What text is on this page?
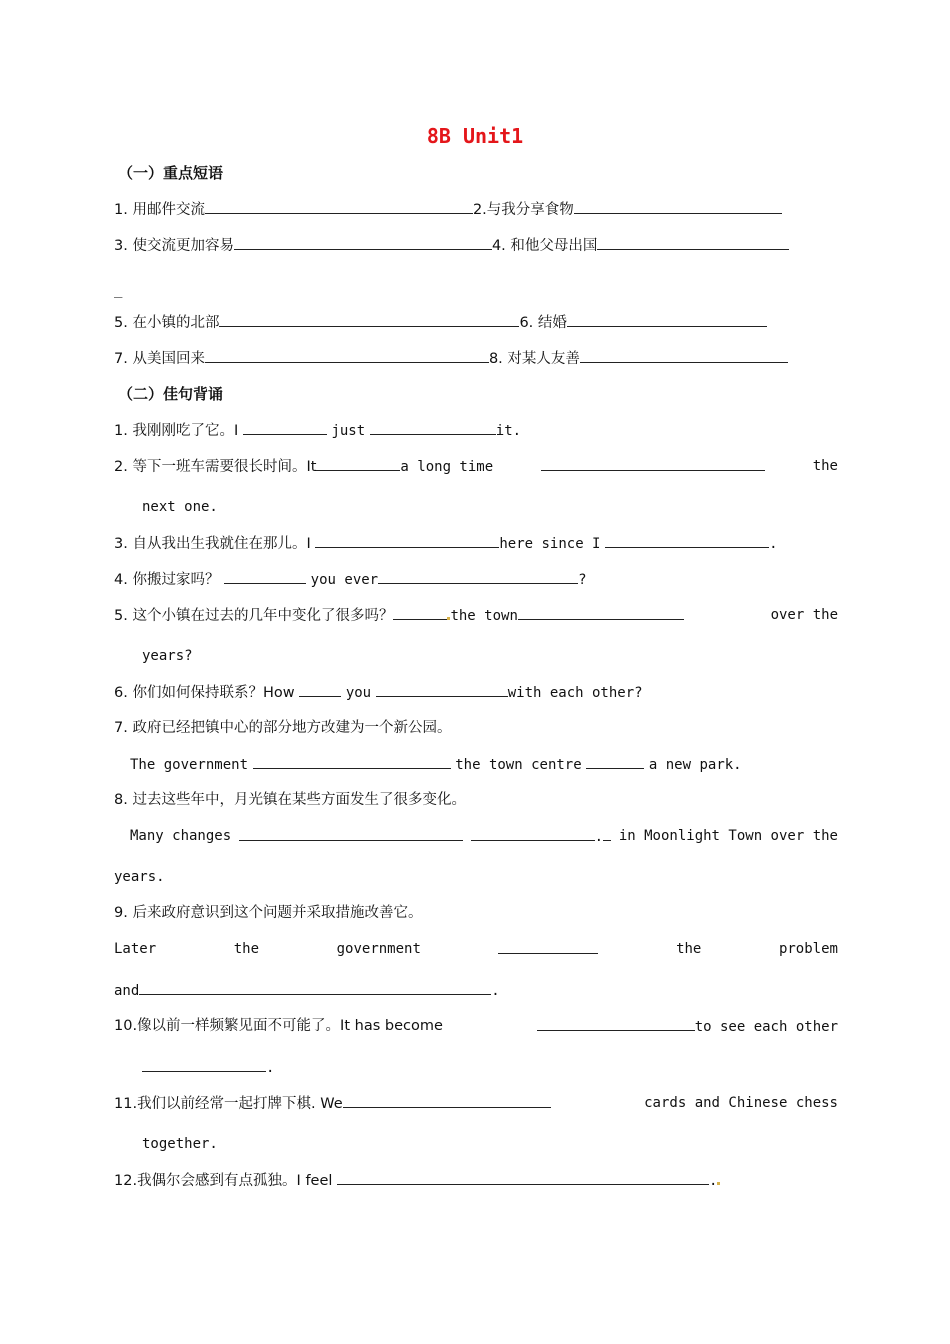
8B Unit1
（一）重点短语
1. 用邮件交流	2.与我分享食物
3. 使交流更加容易	4. 和他父母出国
_
5. 在小镇的北部	6. 结婚
7. 从美国回来	8. 对某人友善
（二）佳句背诵
1. 我刚刚吃了它。I	just	it.
2. 等下一班车需要很长时间。It	a long time	the
next one.
3. 自从我出生我就住在那儿。I	here since I	.
4. 你搬过家吗？	you ever	?
5. 这个小镇在过去的几年中变化了很多吗？	the town	over the
years?
6. 你们如何保持联系？How	you	with each other?
7. 政府已经把镇中心的部分地方改建为一个新公园。
The government	the town centre	a new park.
8. 过去这些年中，月光镇在某些方面发生了很多变化。
Many changes	.	in Moonlight Town over the
years.
9. 后来政府意识到这个问题并采取措施改善它。
Later	the	government	the	problem
and	.
10.像以前一样频繁见面不可能了。It has become	to see each other
.
11.我们以前经常一起打牌下棋. We	cards and Chinese chess
together.
12.我偶尔会感到有点孤独。I feel	.
